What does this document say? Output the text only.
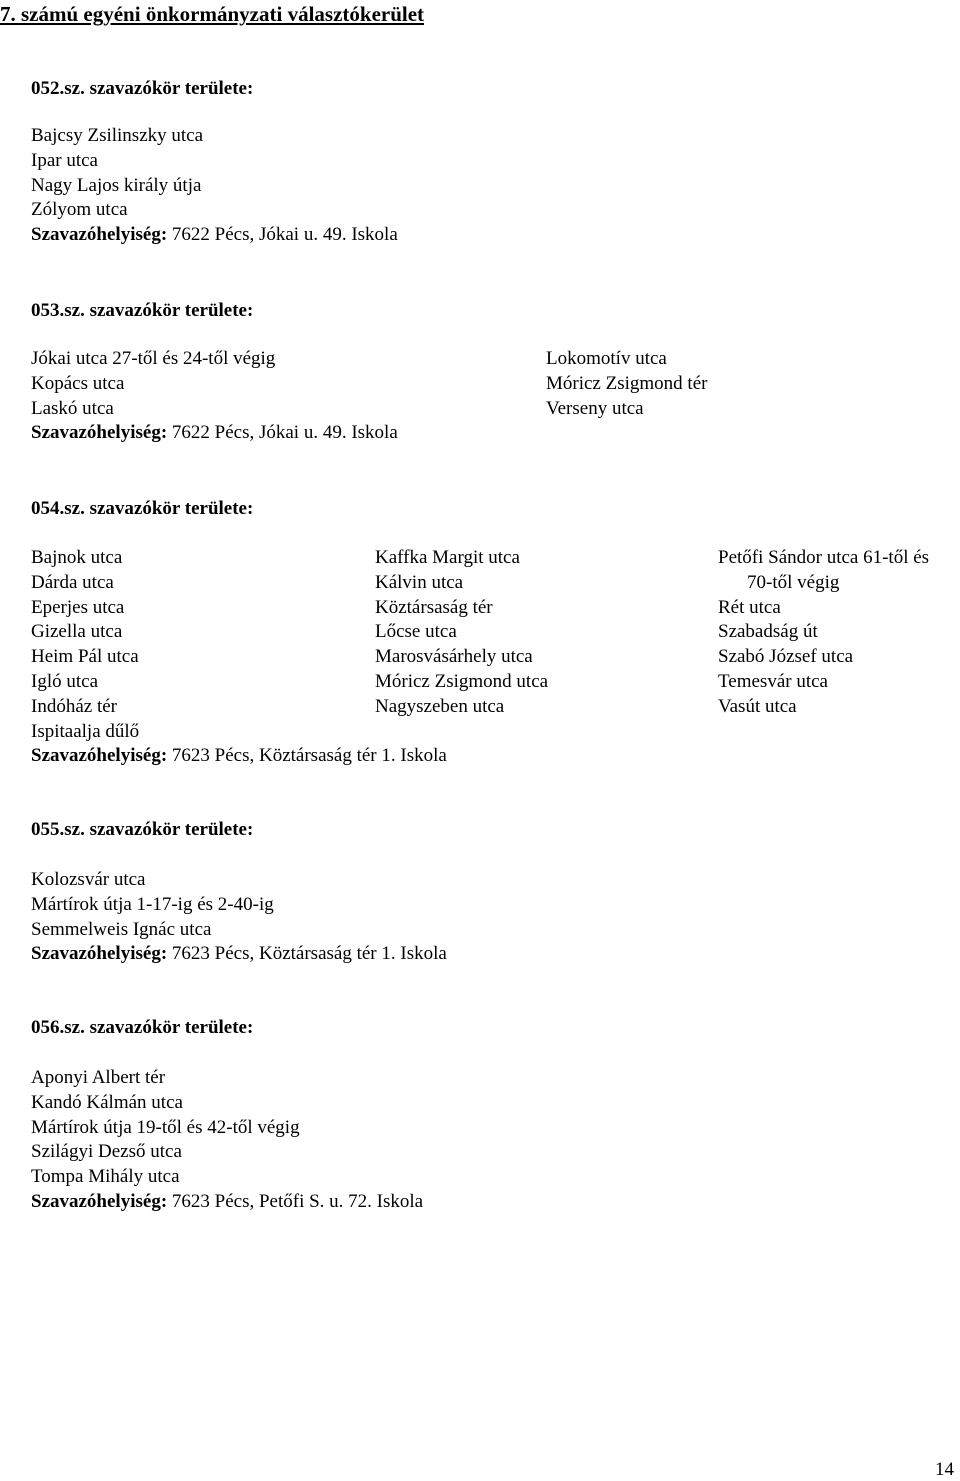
7. számú egyéni önkormányzati választókerület
052.sz. szavazókör területe:
Bajcsy Zsilinszky utca
Ipar utca
Nagy Lajos király útja
Zólyom utca
Szavazóhelyiség: 7622 Pécs, Jókai u. 49. Iskola
053.sz. szavazókör területe:
Jókai utca 27-től és 24-től végig
Kopács utca
Laskó utca
Szavazóhelyiség: 7622 Pécs, Jókai u. 49. Iskola
Lokomotív utca
Móricz Zsigmond tér
Verseny utca
054.sz. szavazókör területe:
Bajnok utca
Dárda utca
Eperjes utca
Gizella utca
Heim Pál utca
Igló utca
Indóház tér
Ispitaalja dűlő
Szavazóhelyiség: 7623 Pécs, Köztársaság tér 1. Iskola
Kaffka Margit utca
Kálvin utca
Köztársaság tér
Lőcse utca
Marosvásárhely utca
Móricz Zsigmond utca
Nagyszeben utca
Petőfi Sándor utca 61-től és
70-től végig
Rét utca
Szabadság út
Szabó József utca
Temesvár utca
Vasút utca
055.sz. szavazókör területe:
Kolozsvár utca
Mártírok útja 1-17-ig és 2-40-ig
Semmelweis Ignác utca
Szavazóhelyiség: 7623 Pécs, Köztársaság tér 1. Iskola
056.sz. szavazókör területe:
Aponyi Albert tér
Kandó Kálmán utca
Mártírok útja 19-től és 42-től végig
Szilágyi Dezső utca
Tompa Mihály utca
Szavazóhelyiség: 7623 Pécs, Petőfi S. u. 72. Iskola
14
